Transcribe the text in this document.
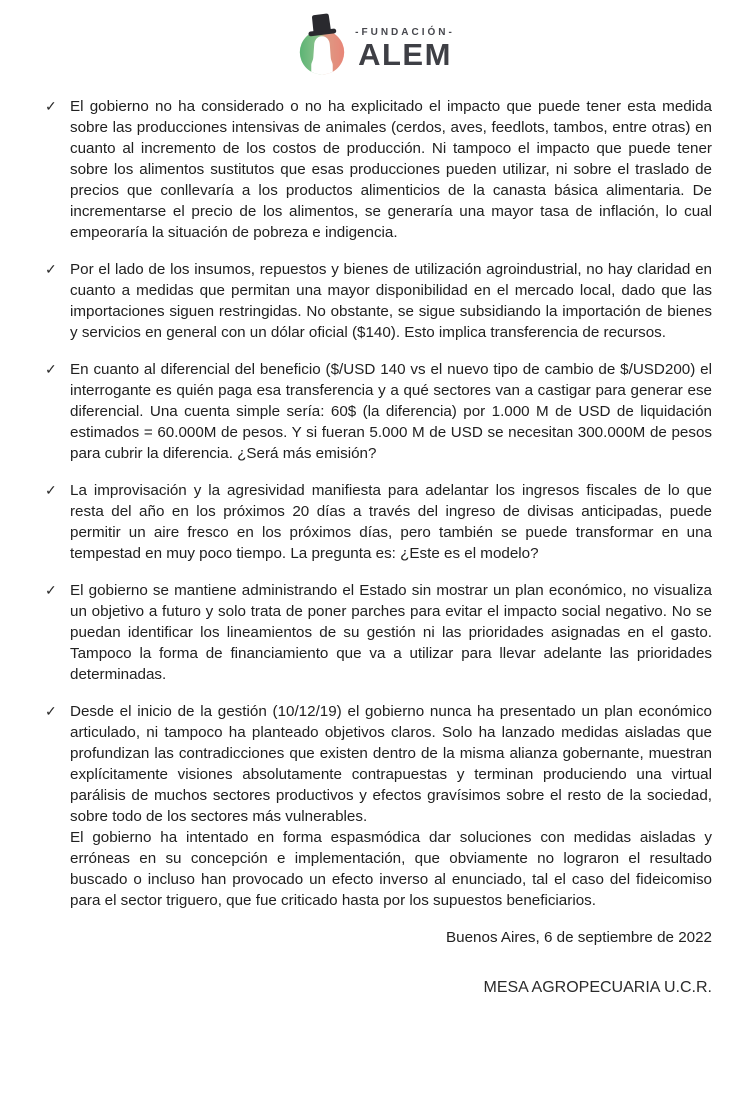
-FUNDACIÓN-
ALEM
✓ El gobierno no ha considerado o no ha explicitado el impacto que puede tener esta medida sobre las producciones intensivas de animales (cerdos, aves, feedlots, tambos, entre otras) en cuanto al incremento de los costos de producción. Ni tampoco el impacto que puede tener sobre los alimentos sustitutos que esas producciones pueden utilizar, ni sobre el traslado de precios que conllevaría a los productos alimenticios de la canasta básica alimentaria. De incrementarse el precio de los alimentos, se generaría una mayor tasa de inflación, lo cual empeoraría la situación de pobreza e indigencia.
✓ Por el lado de los insumos, repuestos y bienes de utilización agroindustrial, no hay claridad en cuanto a medidas que permitan una mayor disponibilidad en el mercado local, dado que las importaciones siguen restringidas. No obstante, se sigue subsidiando la importación de bienes y servicios en general con un dólar oficial ($140). Esto implica transferencia de recursos.
✓ En cuanto al diferencial del beneficio ($/USD 140 vs el nuevo tipo de cambio de $/USD200) el interrogante es quién paga esa transferencia y a qué sectores van a castigar para generar ese diferencial. Una cuenta simple sería: 60$ (la diferencia) por 1.000 M de USD de liquidación estimados = 60.000M de pesos. Y si fueran 5.000 M de USD se necesitan 300.000M de pesos para cubrir la diferencia. ¿Será más emisión?
✓ La improvisación y la agresividad manifiesta para adelantar los ingresos fiscales de lo que resta del año en los próximos 20 días a través del ingreso de divisas anticipadas, puede permitir un aire fresco en los próximos días, pero también se puede transformar en una tempestad en muy poco tiempo. La pregunta es: ¿Este es el modelo?
✓ El gobierno se mantiene administrando el Estado sin mostrar un plan económico, no visualiza un objetivo a futuro y solo trata de poner parches para evitar el impacto social negativo. No se puedan identificar los lineamientos de su gestión ni las prioridades asignadas en el gasto. Tampoco la forma de financiamiento que va a utilizar para llevar adelante las prioridades determinadas.
✓ Desde el inicio de la gestión (10/12/19) el gobierno nunca ha presentado un plan económico articulado, ni tampoco ha planteado objetivos claros. Solo ha lanzado medidas aisladas que profundizan las contradicciones que existen dentro de la misma alianza gobernante, muestran explícitamente visiones absolutamente contrapuestas y terminan produciendo una virtual parálisis de muchos sectores productivos y efectos gravísimos sobre el resto de la sociedad, sobre todo de los sectores más vulnerables.

El gobierno ha intentado en forma espasmódica dar soluciones con medidas aisladas y erróneas en su concepción e implementación, que obviamente no lograron el resultado buscado o incluso han provocado un efecto inverso al enunciado, tal el caso del fideicomiso para el sector triguero, que fue criticado hasta por los supuestos beneficiarios.

Buenos Aires, 6 de septiembre de 2022
MESA AGROPECUARIA U.C.R.
